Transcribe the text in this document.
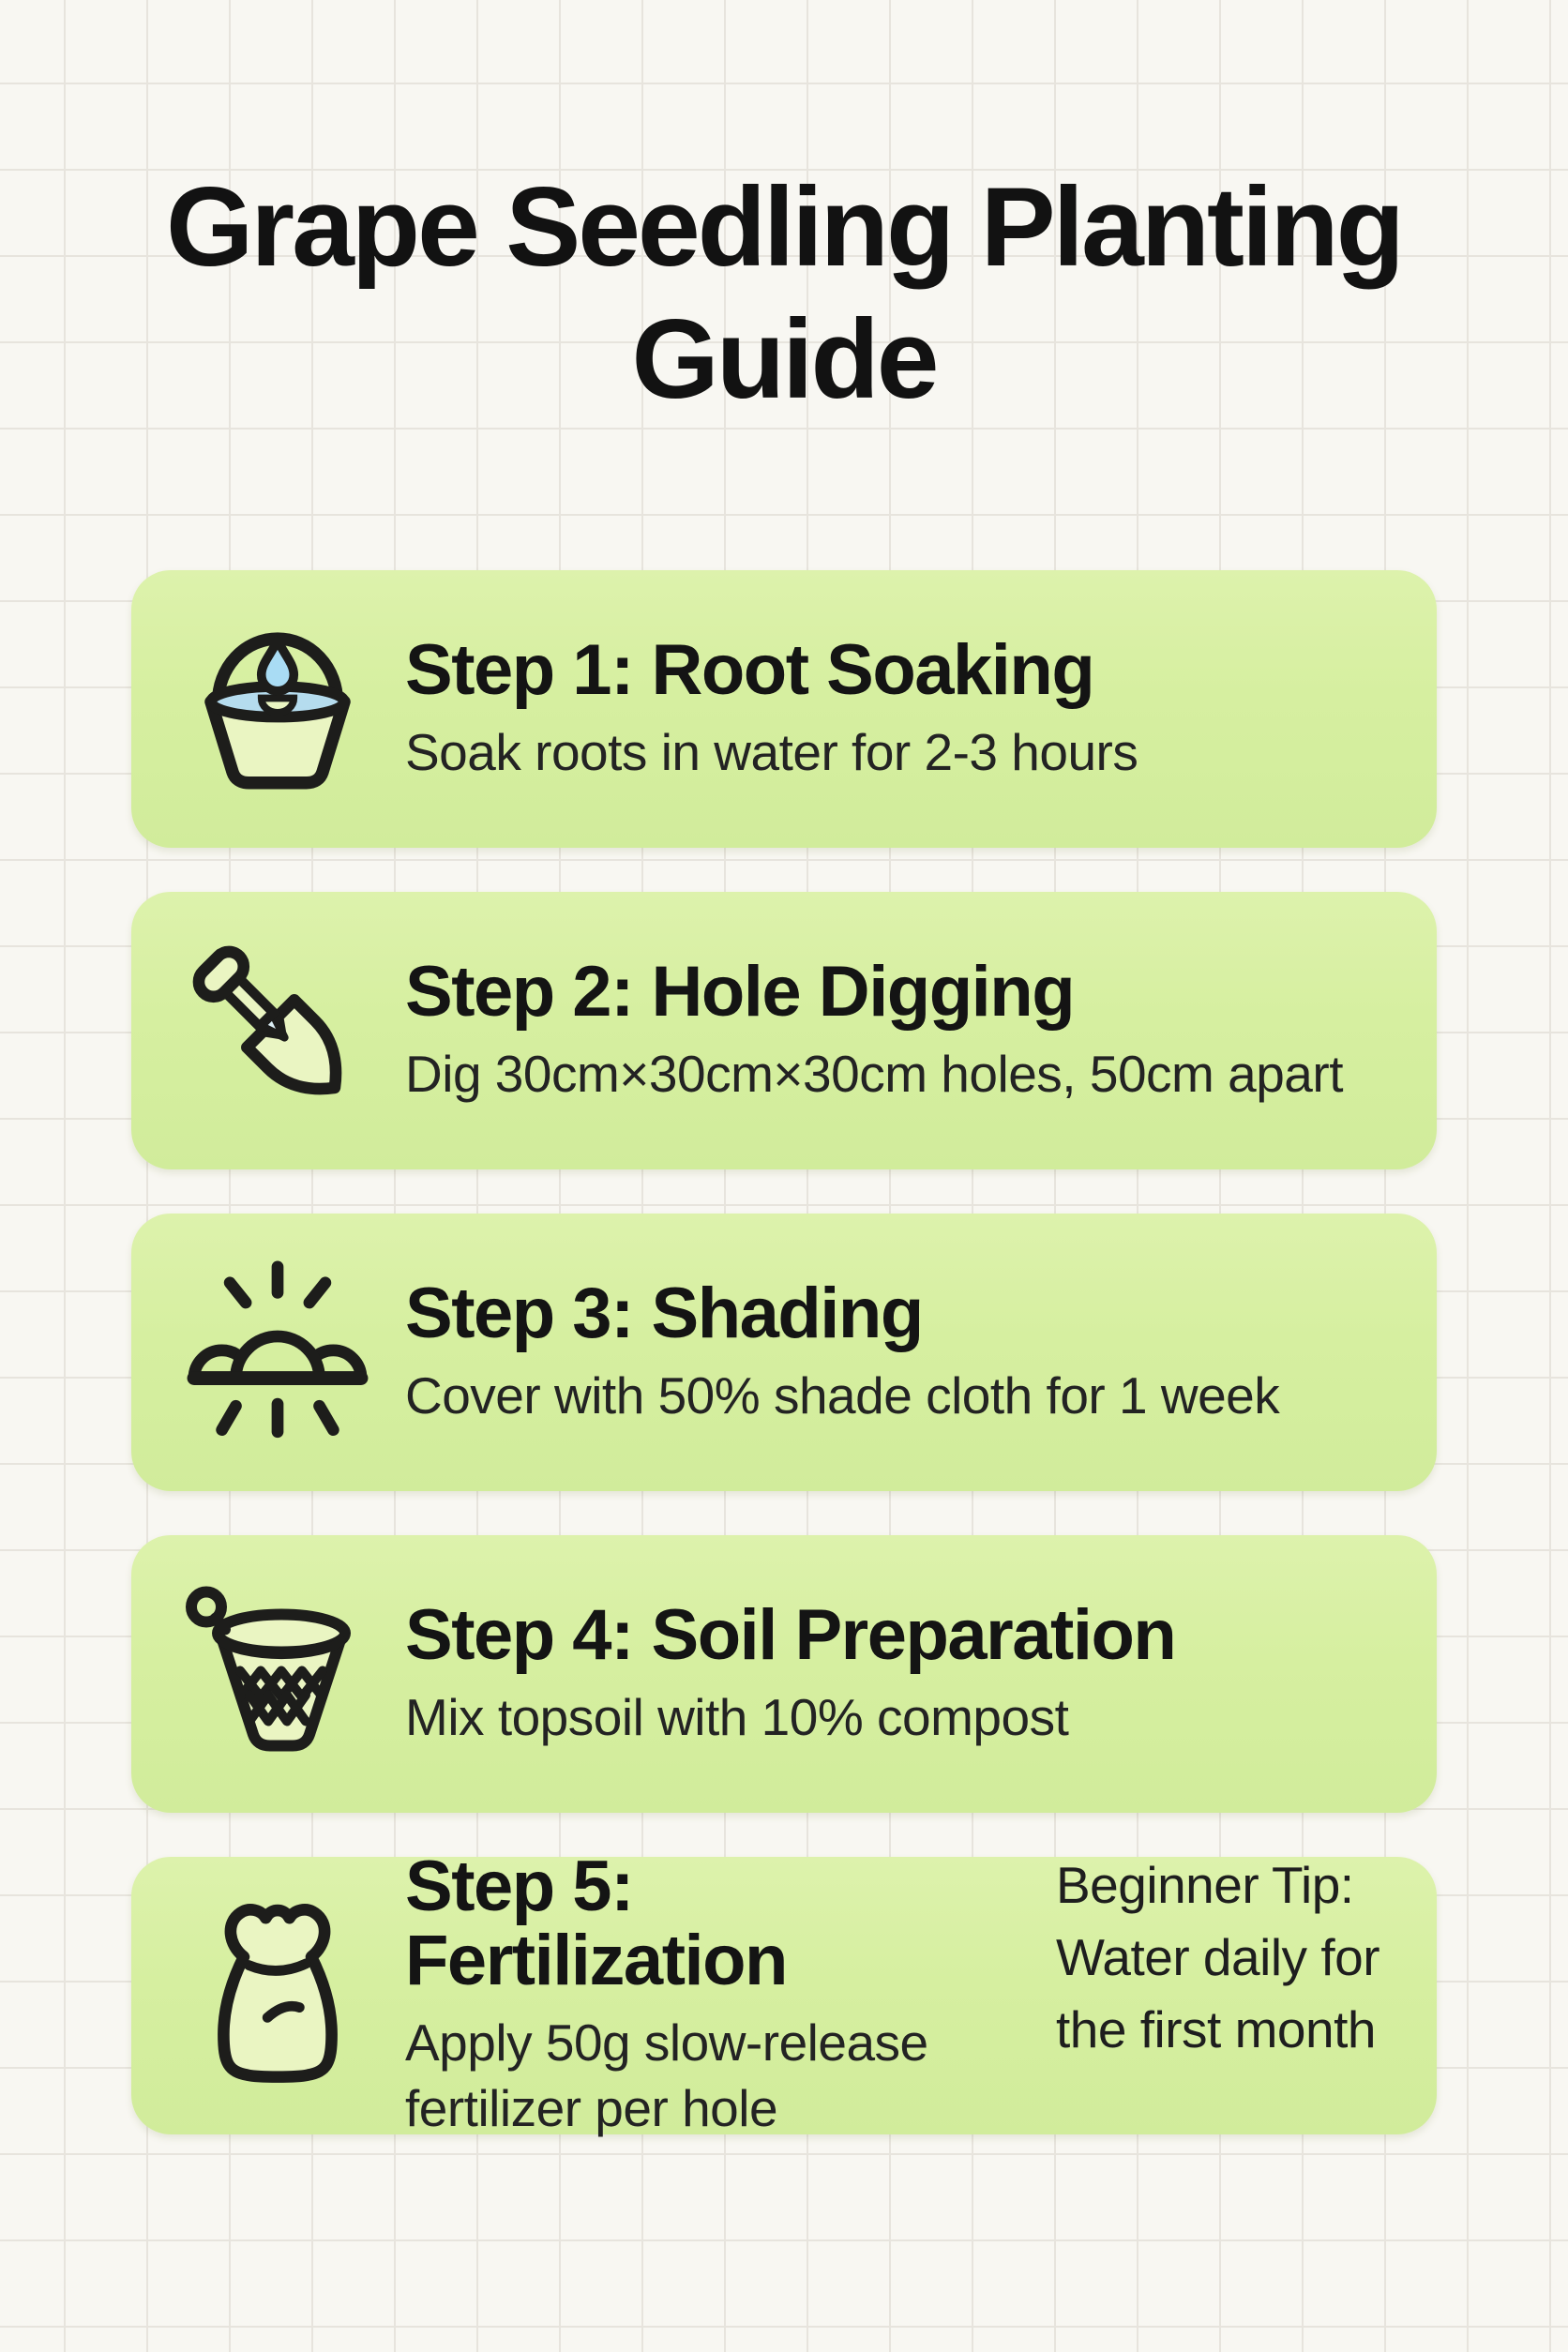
Grape Seedling Planting
Guide
Step 1: Root Soaking
Soak roots in water for 2-3 hours
Step 2: Hole Digging
Dig 30cm×30cm×30cm holes, 50cm apart
Step 3: Shading
Cover with 50% shade cloth for 1 week
Step 4: Soil Preparation
Mix topsoil with 10% compost
Step 5: Fertilization
Apply 50g slow-release fertilizer per hole
Beginner Tip:
Water daily for the first month
